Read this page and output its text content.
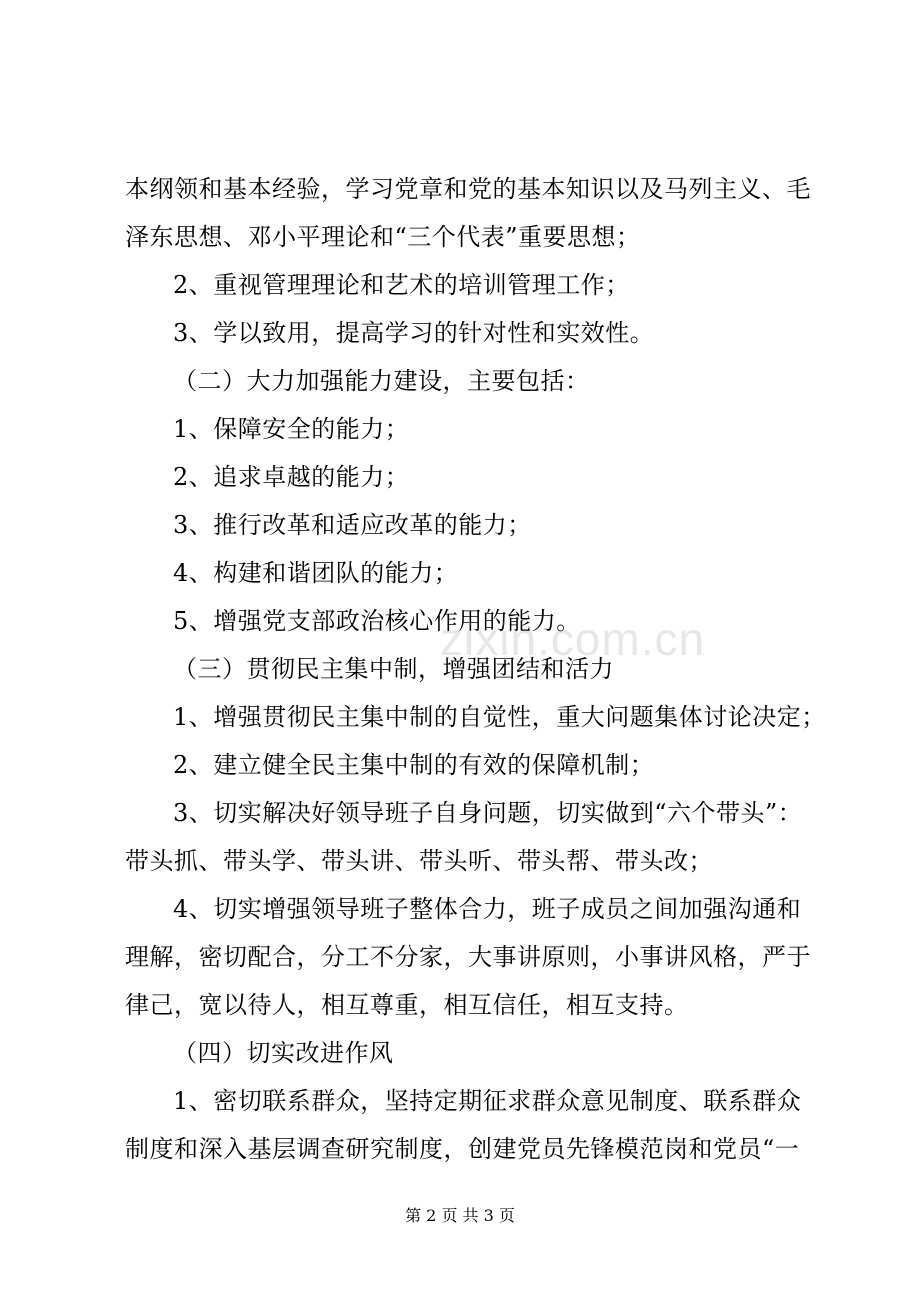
本纲领和基本经验，学习党章和党的基本知识以及马列主义、毛
泽东思想、邓小平理论和“三个代表”重要思想；
2、重视管理理论和艺术的培训管理工作；
3、学以致用，提高学习的针对性和实效性。
（二）大力加强能力建设，主要包括：
1、保障安全的能力；
2、追求卓越的能力；
3、推行改革和适应改革的能力；
4、构建和谐团队的能力；
5、增强党支部政治核心作用的能力。
（三）贯彻民主集中制，增强团结和活力
1、增强贯彻民主集中制的自觉性，重大问题集体讨论决定；
2、建立健全民主集中制的有效的保障机制；
3、切实解决好领导班子自身问题，切实做到“六个带头”：
带头抓、带头学、带头讲、带头听、带头帮、带头改；
4、切实增强领导班子整体合力，班子成员之间加强沟通和
理解，密切配合，分工不分家，大事讲原则，小事讲风格，严于
律己，宽以待人，相互尊重，相互信任，相互支持。
（四）切实改进作风
1、密切联系群众，坚持定期征求群众意见制度、联系群众
制度和深入基层调查研究制度，创建党员先锋模范岗和党员“一
zixin.com.cn
第 2 页 共 3 页
